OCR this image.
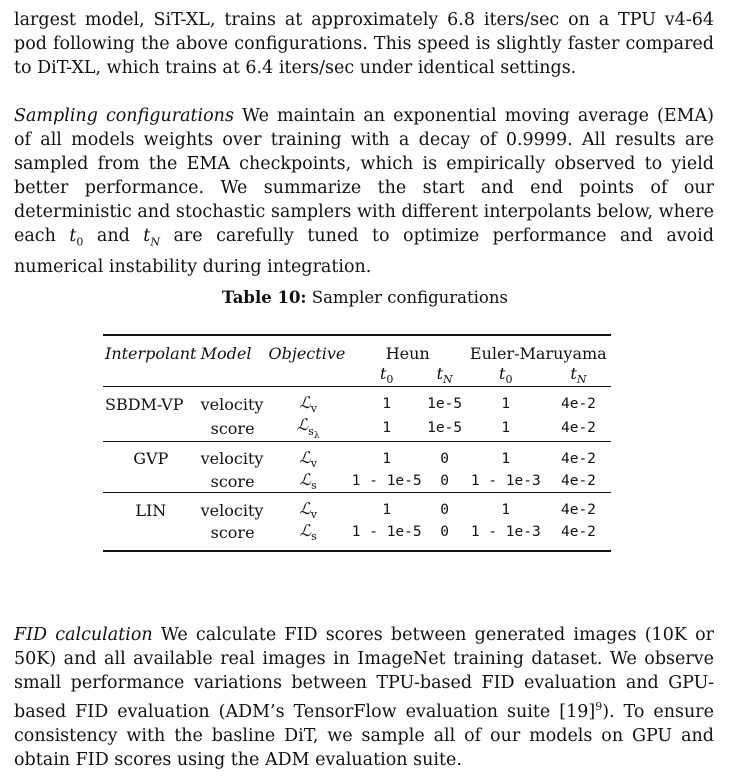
largest model, SiT-XL, trains at approximately 6.8 iters/sec on a TPU v4-64 pod following the above configurations. This speed is slightly faster compared to DiT-XL, which trains at 6.4 iters/sec under identical settings.

Sampling configurations We maintain an exponential moving average (EMA) of all models weights over training with a decay of 0.9999. All results are sampled from the EMA checkpoints, which is empirically observed to yield better performance. We summarize the start and end points of our deterministic and stochastic samplers with different interpolants below, where each $t_0$ and $t_N$ are carefully tuned to optimize performance and avoid numerical instability during integration.

Table 10: Sampler configurations
Interpolant	Model	Objective	Heun		Euler-Maruyama	
			$t_0$	$t_N$	$t_0$	$t_N$
SBDM-VP	velocity	ℒ$_v$	1	1e-5	1	4e-2
	score	ℒ$_{s_\lambda}$	1	1e-5	1	4e-2
GVP	velocity	ℒ$_v$	1	0	1	4e-2
	score	ℒ$_s$	1 - 1e-5	0	1 - 1e-3	4e-2
LIN	velocity	ℒ$_v$	1	0	1	4e-2
	score	ℒ$_s$	1 - 1e-5	0	1 - 1e-3	4e-2

FID calculation We calculate FID scores between generated images (10K or 50K) and all available real images in ImageNet training dataset. We observe small performance variations between TPU-based FID evaluation and GPU-based FID evaluation (ADM’s TensorFlow evaluation suite $[19]^9$). To ensure consistency with the basline DiT, we sample all of our models on GPU and obtain FID scores using the ADM evaluation suite.
